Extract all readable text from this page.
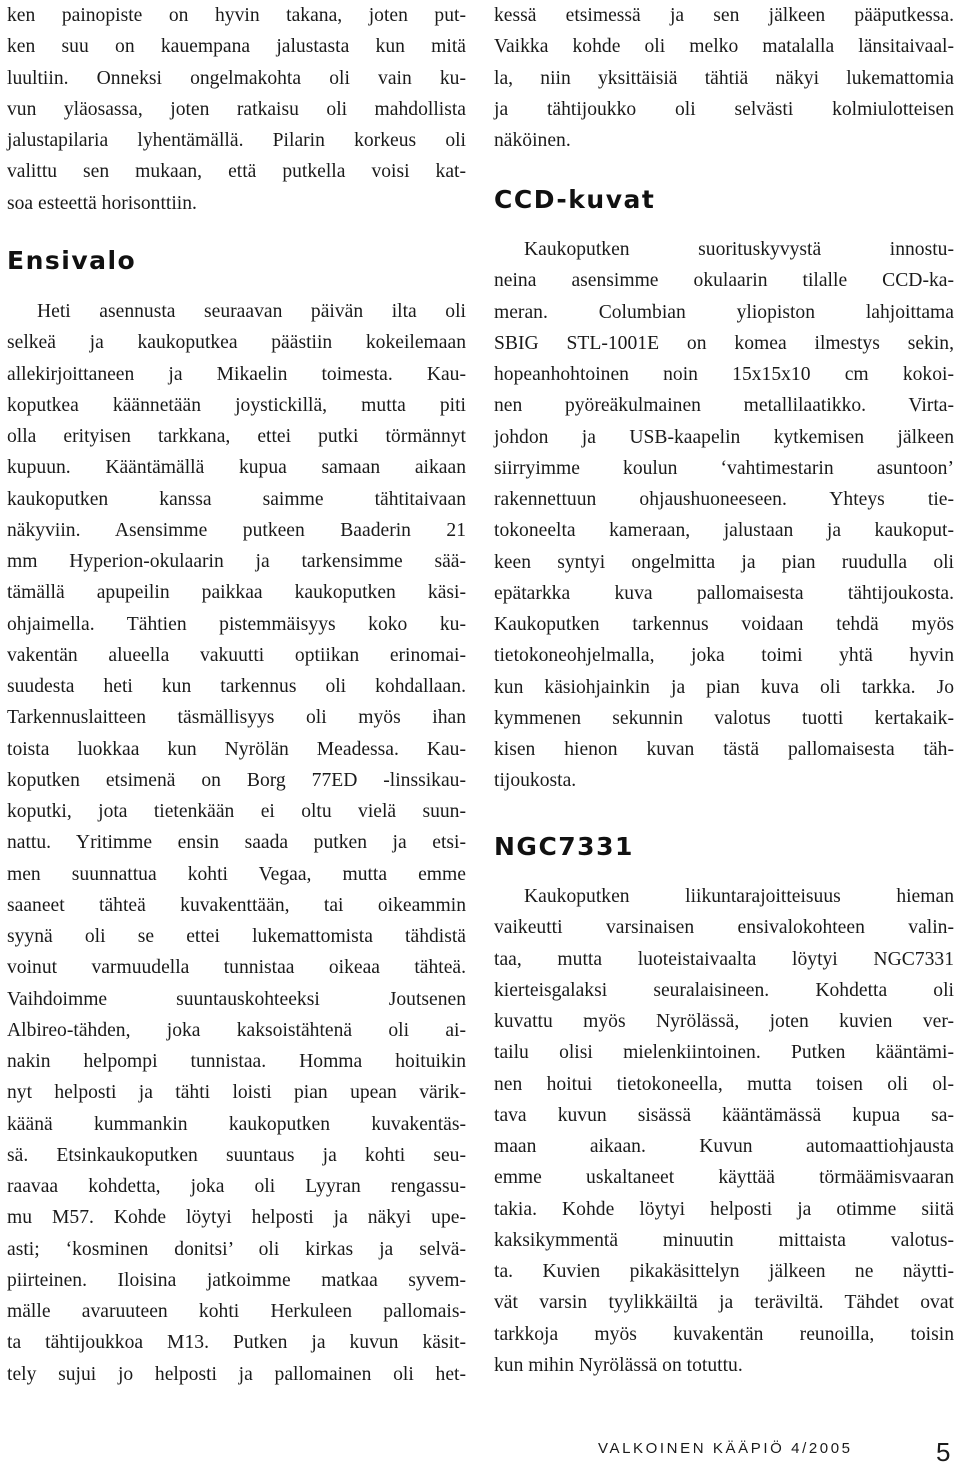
ken painopiste on hyvin takana, joten put-
ken suu on kauempana jalustasta kun mitä
luultiin. Onneksi ongelmakohta oli vain ku-
vun yläosassa, joten ratkaisu oli mahdollista
jalustapilaria lyhentämällä. Pilarin korkeus oli
valittu sen mukaan, että putkella voisi kat-
soa esteettä horisonttiin.
Ensivalo
Heti asennusta seuraavan päivän ilta oli
selkeä ja kaukoputkea päästiin kokeilemaan
allekirjoittaneen ja Mikaelin toimesta. Kau-
koputkea käännetään joystickillä, mutta piti
olla erityisen tarkkana, ettei putki törmännyt
kupuun. Kääntämällä kupua samaan aikaan
kaukoputken kanssa saimme tähtitaivaan
näkyviin. Asensimme putkeen Baaderin 21
mm Hyperion-okulaarin ja tarkensimme sää-
tämällä apupeilin paikkaa kaukoputken käsi-
ohjaimella. Tähtien pistemmäisyys koko ku-
vakentän alueella vakuutti optiikan erinomai-
suudesta heti kun tarkennus oli kohdallaan.
Tarkennuslaitteen täsmällisyys oli myös ihan
toista luokkaa kun Nyrölän Meadessa. Kau-
koputken etsimenä on Borg 77ED -linssikau-
koputki, jota tietenkään ei oltu vielä suun-
nattu. Yritimme ensin saada putken ja etsi-
men suunnattua kohti Vegaa, mutta emme
saaneet tähteä kuvakenttään, tai oikeammin
syynä oli se ettei lukemattomista tähdistä
voinut varmuudella tunnistaa oikeaa tähteä.
Vaihdoimme suuntauskohteeksi Joutsenen
Albireo-tähden, joka kaksoistähtenä oli ai-
nakin helpompi tunnistaa. Homma hoituikin
nyt helposti ja tähti loisti pian upean värik-
käänä kummankin kaukoputken kuvakentäs-
sä. Etsinkaukoputken suuntaus ja kohti seu-
raavaa kohdetta, joka oli Lyyran rengassu-
mu M57. Kohde löytyi helposti ja näkyi upe-
asti; ‘kosminen donitsi’ oli kirkas ja selvä-
piirteinen. Iloisina jatkoimme matkaa syvem-
mälle avaruuteen kohti Herkuleen pallomais-
ta tähtijoukkoa M13. Putken ja kuvun käsit-
tely sujui jo helposti ja pallomainen oli het-
kessä etsimessä ja sen jälkeen pääputkessa.
Vaikka kohde oli melko matalalla länsitaivaal-
la, niin yksittäisiä tähtiä näkyi lukemattomia
ja tähtijoukko oli selvästi kolmiulotteisen
näköinen.
CCD-kuvat
Kaukoputken suorituskyvystä innostu-
neina asensimme okulaarin tilalle CCD-ka-
meran. Columbian yliopiston lahjoittama
SBIG STL-1001E on komea ilmestys sekin,
hopeanhohtoinen noin 15x15x10 cm kokoi-
nen pyöreäkulmainen metallilaatikko. Virta-
johdon ja USB-kaapelin kytkemisen jälkeen
siirryimme koulun ‘vahtimestarin asuntoon’
rakennettuun ohjaushuoneeseen. Yhteys tie-
tokoneelta kameraan, jalustaan ja kaukoput-
keen syntyi ongelmitta ja pian ruudulla oli
epätarkka kuva pallomaisesta tähtijoukosta.
Kaukoputken tarkennus voidaan tehdä myös
tietokoneohjelmalla, joka toimi yhtä hyvin
kun käsiohjainkin ja pian kuva oli tarkka. Jo
kymmenen sekunnin valotus tuotti kertakaik-
kisen hienon kuvan tästä pallomaisesta täh-
tijoukosta.
NGC7331
Kaukoputken liikuntarajoitteisuus hieman
vaikeutti varsinaisen ensivalokohteen valin-
taa, mutta luoteistaivaalta löytyi NGC7331
kierteisgalaksi seuralaisineen. Kohdetta oli
kuvattu myös Nyrölässä, joten kuvien ver-
tailu olisi mielenkiintoinen. Putken kääntämi-
nen hoitui tietokoneella, mutta toisen oli ol-
tava kuvun sisässä kääntämässä kupua sa-
maan aikaan. Kuvun automaattiohjausta
emme uskaltaneet käyttää törmäämisvaaran
takia. Kohde löytyi helposti ja otimme siitä
kaksikymmentä minuutin mittaista valotus-
ta. Kuvien pikakäsittelyn jälkeen ne näytti-
vät varsin tyylikkäiltä ja teräviltä. Tähdet ovat
tarkkoja myös kuvakentän reunoilla, toisin
kun mihin Nyrölässä on totuttu.
VALKOINEN KÄÄPIÖ 4/2005	5
